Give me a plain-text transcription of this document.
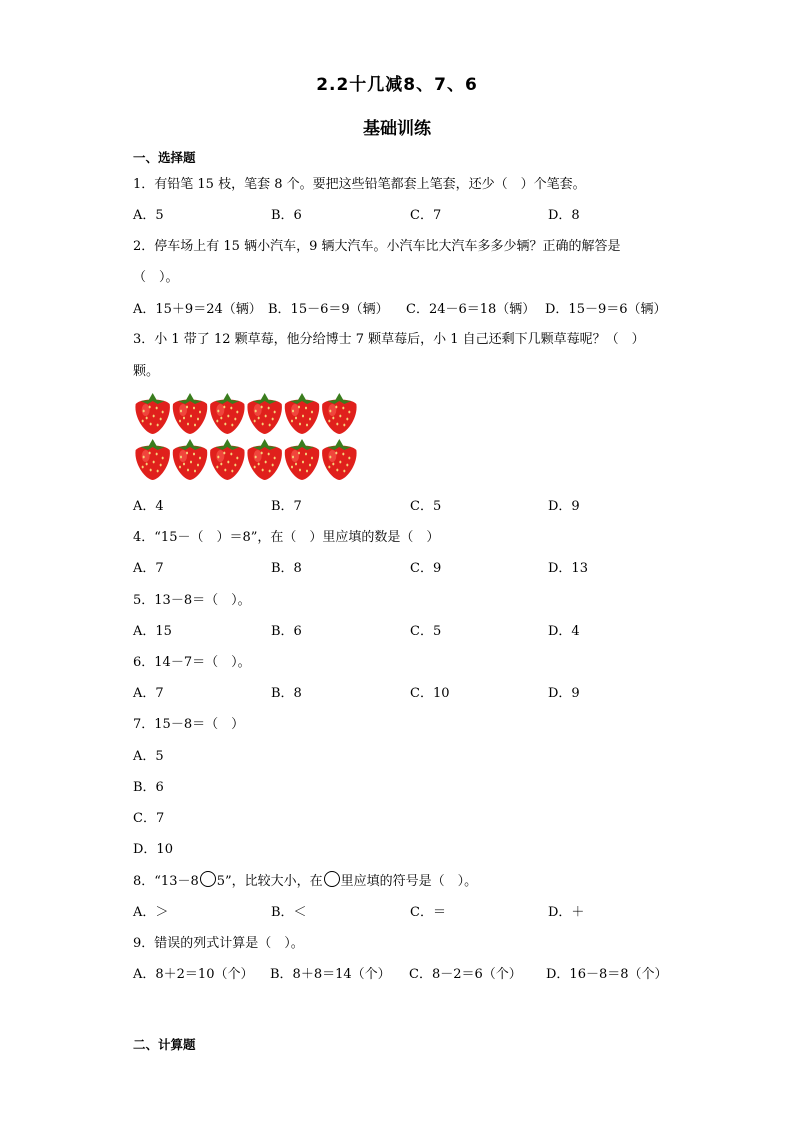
2.2十几减8、7、6
基础训练
一、选择题
1．有铅笔 15 枝，笔套 8 个。要把这些铅笔都套上笔套，还少（　）个笔套。
A．5	B．6	C．7	D．8
2．停车场上有 15 辆小汽车，9 辆大汽车。小汽车比大汽车多多少辆？正确的解答是
（　）。
A．15＋9＝24（辆） B．15－6＝9（辆） C．24－6＝18（辆） D．15－9＝6（辆）
3．小 1 带了 12 颗草莓，他分给博士 7 颗草莓后，小 1 自己还剩下几颗草莓呢？（　）
颗。
A．4	B．7	C．5	D．9
4．“15－（　）＝8”，在（　）里应填的数是（　）
A．7	B．8	C．9	D．13
5．13－8＝（　）。
A．15	B．6	C．5	D．4
6．14－7＝（　）。
A．7	B．8	C．10	D．9
7．15－8＝（　）
A．5
B．6
C．7
D．10
8．“13－8 5”，比较大小，在 里应填的符号是（　）。
A．＞	B．＜	C．＝	D．＋
9．错误的列式计算是（　）。
A．8＋2＝10（个） B．8＋8＝14（个） C．8－2＝6（个） D．16－8＝8（个）
二、计算题
